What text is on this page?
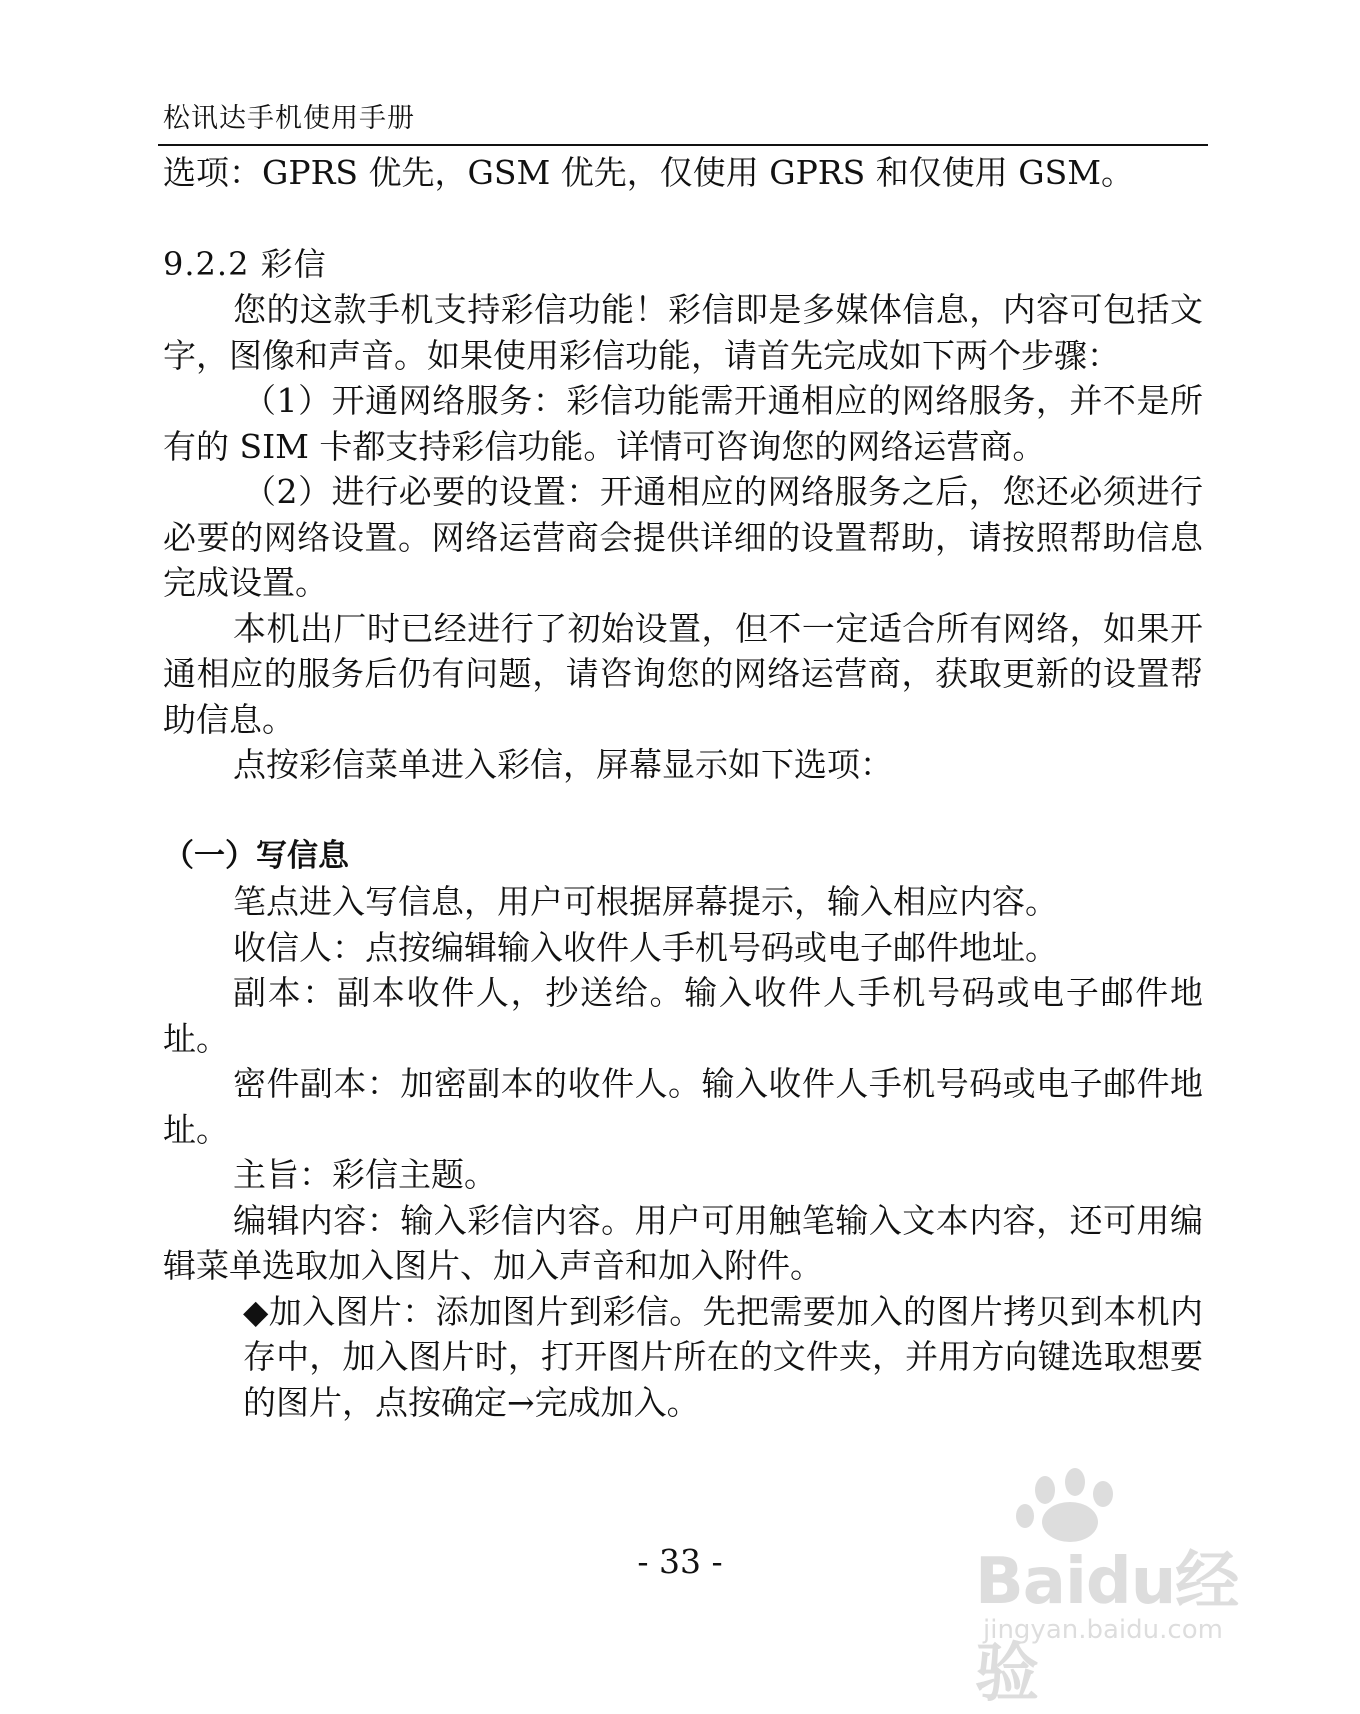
松讯达手机使用手册

选项：GPRS 优先，GSM 优先，仅使用 GPRS 和仅使用 GSM。

9.2.2 彩信

您的这款手机支持彩信功能！彩信即是多媒体信息，内容可包括文字，图像和声音。如果使用彩信功能，请首先完成如下两个步骤：

（1）开通网络服务：彩信功能需开通相应的网络服务，并不是所有的 SIM 卡都支持彩信功能。详情可咨询您的网络运营商。

（2）进行必要的设置：开通相应的网络服务之后，您还必须进行必要的网络设置。网络运营商会提供详细的设置帮助，请按照帮助信息完成设置。

本机出厂时已经进行了初始设置，但不一定适合所有网络，如果开通相应的服务后仍有问题，请咨询您的网络运营商，获取更新的设置帮助信息。

点按彩信菜单进入彩信，屏幕显示如下选项：

（一）写信息

笔点进入写信息，用户可根据屏幕提示，输入相应内容。

收信人：点按编辑输入收件人手机号码或电子邮件地址。

副本：副本收件人，抄送给。输入收件人手机号码或电子邮件地址。

密件副本：加密副本的收件人。输入收件人手机号码或电子邮件地址。

主旨：彩信主题。

编辑内容：输入彩信内容。用户可用触笔输入文本内容，还可用编辑菜单选取加入图片、加入声音和加入附件。

◆加入图片：添加图片到彩信。先把需要加入的图片拷贝到本机内存中，加入图片时，打开图片所在的文件夹，并用方向键选取想要的图片，点按确定→完成加入。

- 33 -	Baidu经验
jingyan.baidu.com
